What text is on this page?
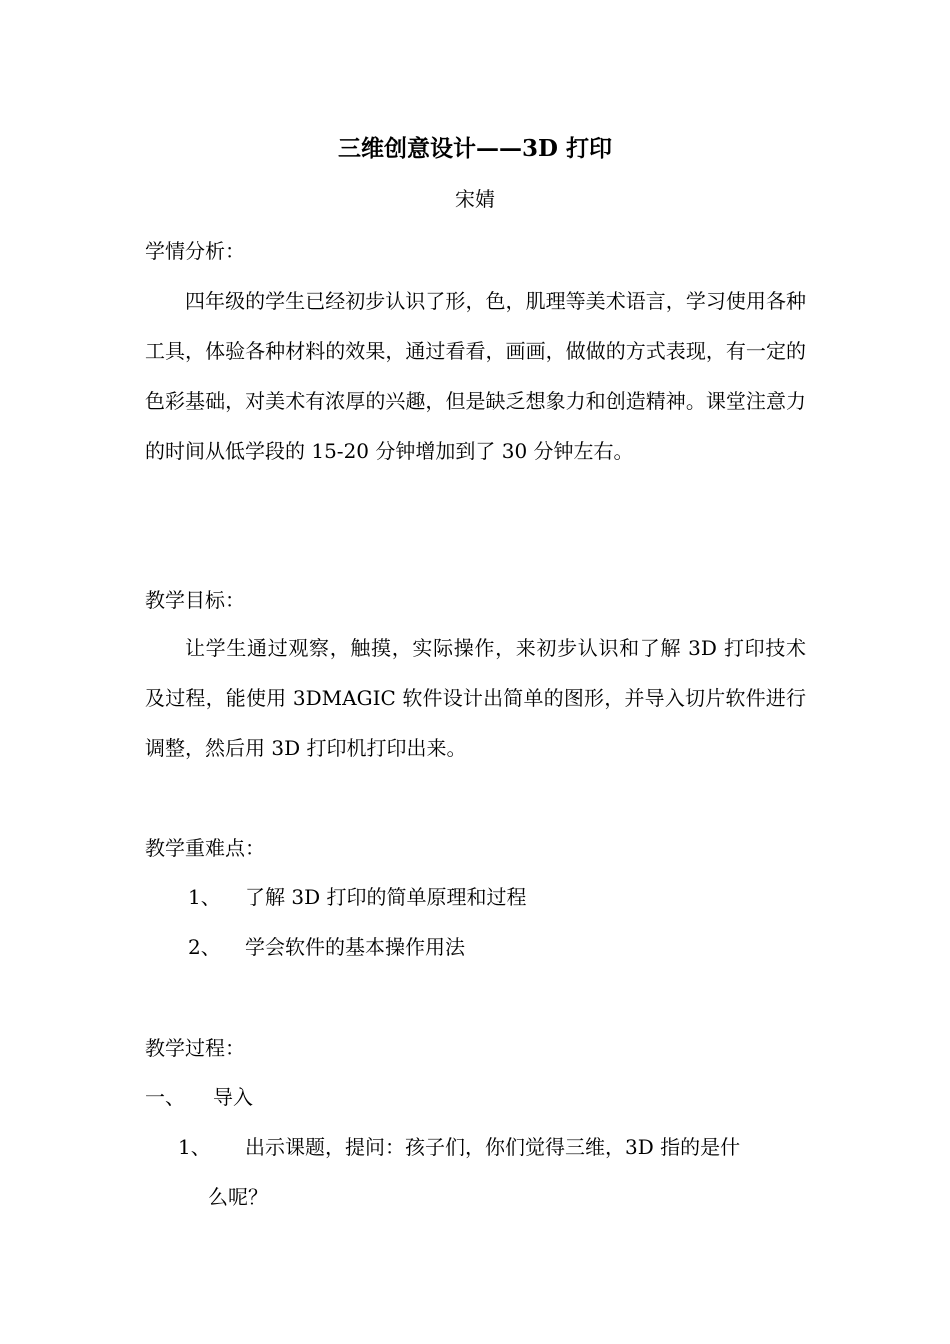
三维创意设计——3D 打印
宋婧
学情分析：
四年级的学生已经初步认识了形，色，肌理等美术语言，学习使用各种工具，体验各种材料的效果，通过看看，画画，做做的方式表现，有一定的色彩基础，对美术有浓厚的兴趣，但是缺乏想象力和创造精神。课堂注意力的时间从低学段的 15-20 分钟增加到了 30 分钟左右。
教学目标：
让学生通过观察，触摸，实际操作，来初步认识和了解 3D 打印技术及过程，能使用 3DMAGIC 软件设计出简单的图形，并导入切片软件进行调整，然后用 3D 打印机打印出来。
教学重难点：
1、 了解 3D 打印的简单原理和过程
2、 学会软件的基本操作用法
教学过程：
一、 导入
1、 出示课题，提问：孩子们，你们觉得三维，3D 指的是什
么呢？
